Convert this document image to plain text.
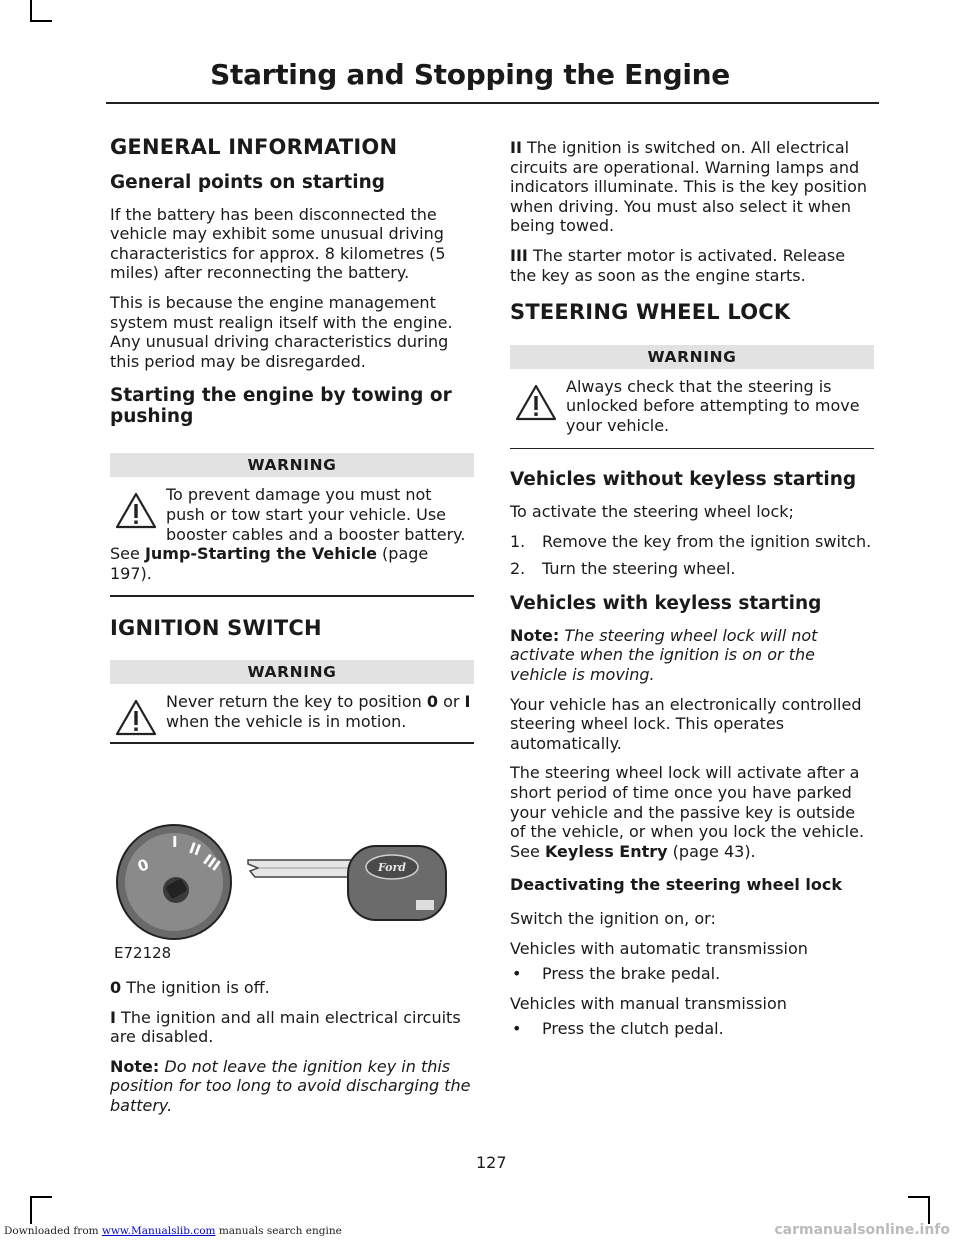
Starting and Stopping the Engine
GENERAL INFORMATION
General points on starting

If the battery has been disconnected the vehicle may exhibit some unusual driving characteristics for approx. 8 kilometres (5 miles) after reconnecting the battery.

This is because the engine management system must realign itself with the engine. Any unusual driving characteristics during this period may be disregarded.

Starting the engine by towing or pushing
WARNING
To prevent damage you must not push or tow start your vehicle. Use booster cables and a booster battery. See Jump-Starting the Vehicle (page 197).
IGNITION SWITCH
WARNING
Never return the key to position 0 or I when the vehicle is in motion.
0
I II
III	Ford
E72128

0 The ignition is off.

I The ignition and all main electrical circuits are disabled.

Note: Do not leave the ignition key in this position for too long to avoid discharging the battery.

II The ignition is switched on. All electrical circuits are operational. Warning lamps and indicators illuminate. This is the key position when driving. You must also select it when being towed.

III The starter motor is activated. Release the key as soon as the engine starts.

STEERING WHEEL LOCK
WARNING
Always check that the steering is unlocked before attempting to move your vehicle.
Vehicles without keyless starting

To activate the steering wheel lock;

1. Remove the key from the ignition switch.
2. Turn the steering wheel.
Vehicles with keyless starting

Note: The steering wheel lock will not activate when the ignition is on or the vehicle is moving.

Your vehicle has an electronically controlled steering wheel lock. This operates automatically.

The steering wheel lock will activate after a short period of time once you have parked your vehicle and the passive key is outside of the vehicle, or when you lock the vehicle. See Keyless Entry (page 43).

Deactivating the steering wheel lock

Switch the ignition on, or:

Vehicles with automatic transmission

• Press the brake pedal.

Vehicles with manual transmission

• Press the clutch pedal.
127
Downloaded from www.Manualslib.com manuals search engine	carmanualsonline.info
